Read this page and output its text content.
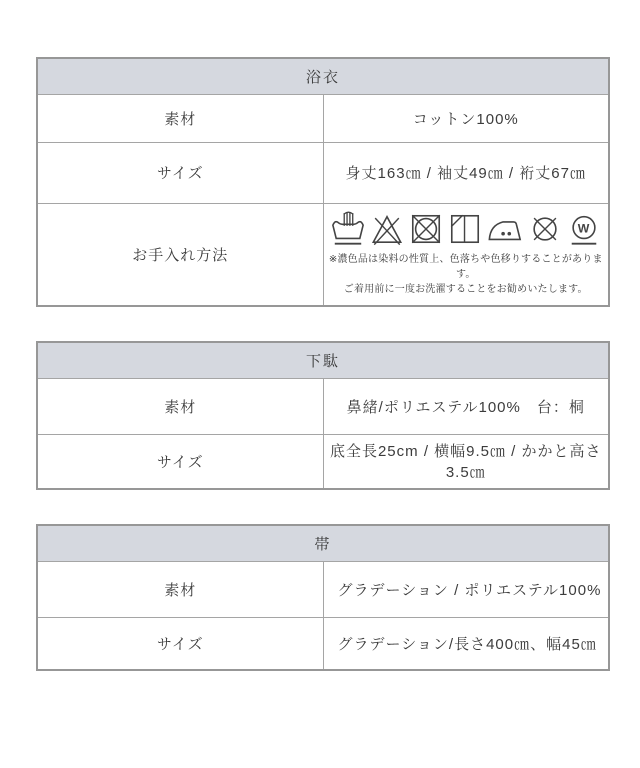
浴衣	
素材	コットン100%
サイズ	身丈163㎝ / 袖丈49㎝ / 裄丈67㎝
お手入れ方法	W
※濃色品は染料の性質上、色落ちや色移りすることがあります。
ご着用前に一度お洗濯することをお勧めいたします。
下駄	
素材	鼻緒/ポリエステル100%　台：桐
サイズ	底全長25cm / 横幅9.5㎝ / かかと高さ3.5㎝
帯	
素材	グラデーション / ポリエステル100%
サイズ	グラデーション/長さ400㎝、幅45㎝
